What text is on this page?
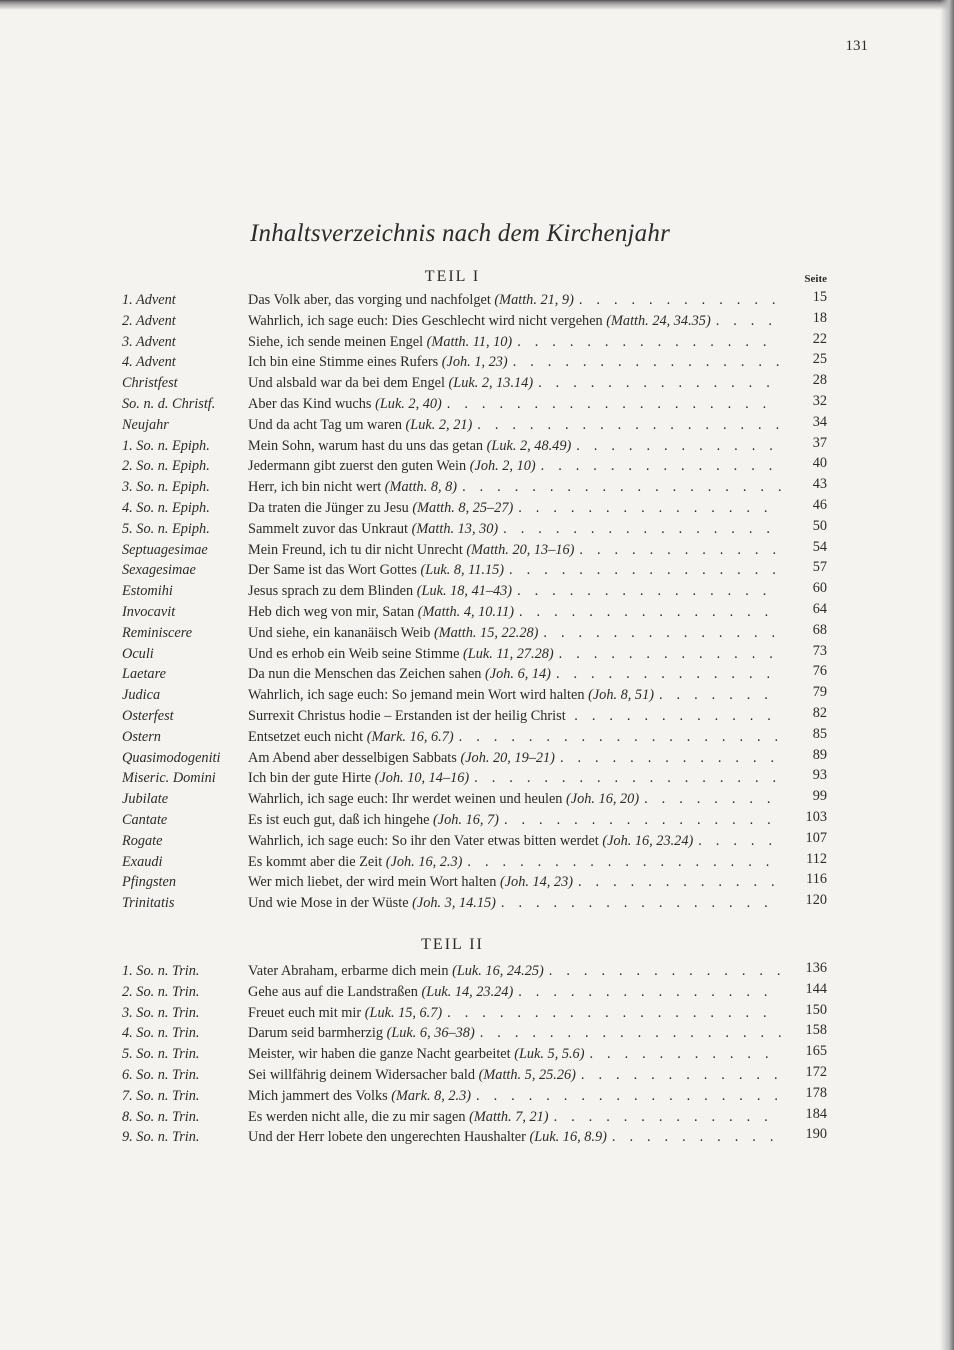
131
Inhaltsverzeichnis nach dem Kirchenjahr
TEIL I	Seite
1. Advent	Das Volk aber, das vorging und nachfolget (Matth. 21, 9) . . .	15
2. Advent	Wahrlich, ich sage euch: Dies Geschlecht wird nicht vergehen (Matth. 24, 34.35) . . .	18
3. Advent	Siehe, ich sende meinen Engel (Matth. 11, 10) . . .	22
4. Advent	Ich bin eine Stimme eines Rufers (Joh. 1, 23) . . .	25
Christfest	Und alsbald war da bei dem Engel (Luk. 2, 13.14) . . .	28
So. n. d. Christf.	Aber das Kind wuchs (Luk. 2, 40) . . .	32
Neujahr	Und da acht Tag um waren (Luk. 2, 21) . . .	34
1. So. n. Epiph.	Mein Sohn, warum hast du uns das getan (Luk. 2, 48.49) . . .	37
2. So. n. Epiph.	Jedermann gibt zuerst den guten Wein (Joh. 2, 10) . . .	40
3. So. n. Epiph.	Herr, ich bin nicht wert (Matth. 8, 8) . . .	43
4. So. n. Epiph.	Da traten die Jünger zu Jesu (Matth. 8, 25–27) . . .	46
5. So. n. Epiph.	Sammelt zuvor das Unkraut (Matth. 13, 30) . . .	50
Septuagesimae	Mein Freund, ich tu dir nicht Unrecht (Matth. 20, 13–16) . . .	54
Sexagesimae	Der Same ist das Wort Gottes (Luk. 8, 11.15) . . .	57
Estomihi	Jesus sprach zu dem Blinden (Luk. 18, 41–43) . . .	60
Invocavit	Heb dich weg von mir, Satan (Matth. 4, 10.11) . . .	64
Reminiscere	Und siehe, ein kananäisch Weib (Matth. 15, 22.28) . . .	68
Oculi	Und es erhob ein Weib seine Stimme (Luk. 11, 27.28) . . .	73
Laetare	Da nun die Menschen das Zeichen sahen (Joh. 6, 14) . . .	76
Judica	Wahrlich, ich sage euch: So jemand mein Wort wird halten (Joh. 8, 51) . . .	79
Osterfest	Surrexit Christus hodie – Erstanden ist der heilig Christ . . .	82
Ostern	Entsetzet euch nicht (Mark. 16, 6.7) . . .	85
Quasimodogeniti	Am Abend aber desselbigen Sabbats (Joh. 20, 19–21) . . .	89
Miseric. Domini	Ich bin der gute Hirte (Joh. 10, 14–16) . . .	93
Jubilate	Wahrlich, ich sage euch: Ihr werdet weinen und heulen (Joh. 16, 20) . . .	99
Cantate	Es ist euch gut, daß ich hingehe (Joh. 16, 7) . . .	103
Rogate	Wahrlich, ich sage euch: So ihr den Vater etwas bitten werdet (Joh. 16, 23.24) . . .	107
Exaudi	Es kommt aber die Zeit (Joh. 16, 2.3) . . .	112
Pfingsten	Wer mich liebet, der wird mein Wort halten (Joh. 14, 23) . . .	116
Trinitatis	Und wie Mose in der Wüste (Joh. 3, 14.15) . . .	120
TEIL II
1. So. n. Trin.	Vater Abraham, erbarme dich mein (Luk. 16, 24.25) . . .	136
2. So. n. Trin.	Gehe aus auf die Landstraßen (Luk. 14, 23.24) . . .	144
3. So. n. Trin.	Freuet euch mit mir (Luk. 15, 6.7) . . .	150
4. So. n. Trin.	Darum seid barmherzig (Luk. 6, 36–38) . . .	158
5. So. n. Trin.	Meister, wir haben die ganze Nacht gearbeitet (Luk. 5, 5.6) . . .	165
6. So. n. Trin.	Sei willfährig deinem Widersacher bald (Matth. 5, 25.26) . . .	172
7. So. n. Trin.	Mich jammert des Volks (Mark. 8, 2.3) . . .	178
8. So. n. Trin.	Es werden nicht alle, die zu mir sagen (Matth. 7, 21) . . .	184
9. So. n. Trin.	Und der Herr lobete den ungerechten Haushalter (Luk. 16, 8.9) . . .	190
